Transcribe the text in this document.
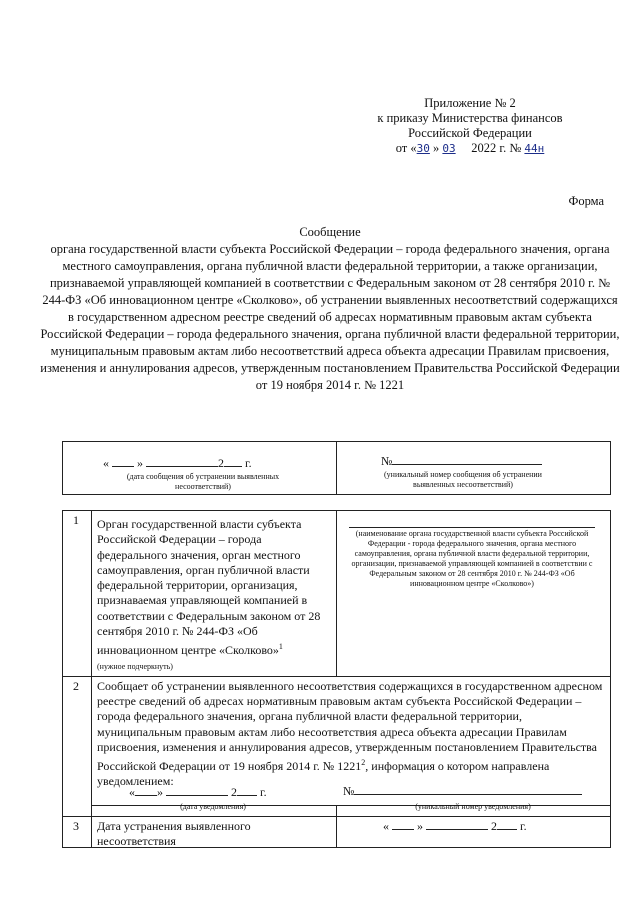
Приложение № 2
к приказу Министерства финансов
Российской Федерации
от «30 » 03 2022 г. № 44н
Форма
Сообщение
органа государственной власти субъекта Российской Федерации – города федерального значения, органа местного самоуправления, органа публичной власти федеральной территории, а также организации, признаваемой управляющей компанией в соответствии с Федеральным законом от 28 сентября 2010 г. № 244-ФЗ «Об инновационном центре «Сколково», об устранении выявленных несоответствий содержащихся в государственном адресном реестре сведений об адресах нормативным правовым актам субъекта Российской Федерации – города федерального значения, органа публичной власти федеральной территории, муниципальным правовым актам либо несоответствий адреса объекта адресации Правилам присвоения, изменения и аннулирования адресов, утвержденным постановлением Правительства Российской Федерации от 19 ноября 2014 г. № 1221
« »	2 г.
(дата сообщения об устранении выявленных несоответствий)
№
(уникальный номер сообщения об устранении выявленных несоответствий)
1 Орган государственной власти субъекта Российской Федерации – города федерального значения, орган местного самоуправления, орган публичной власти федеральной территории, организация, признаваемая управляющей компанией в соответствии с Федеральным законом от 28 сентября 2010 г. № 244-ФЗ «Об инновационном центре «Сколково»$^1$
(нужное подчеркнуть)
(наименование органа государственной власти субъекта Российской Федерации - города федерального значения, органа местного самоуправления, органа публичной власти федеральной территории, организации, признаваемой управляющей компанией в соответствии с Федеральным законом от 28 сентября 2010 г. № 244-ФЗ «Об инновационном центре «Сколково»)
2 Сообщает об устранении выявленного несоответствия содержащихся в государственном адресном реестре сведений об адресах нормативным правовым актам субъекта Российской Федерации – города федерального значения, органа публичной власти федеральной территории, муниципальным правовым актам либо несоответствия адреса объекта адресации Правилам присвоения, изменения и аннулирования адресов, утвержденным постановлением Правительства Российской Федерации от 19 ноября 2014 г. № 1221$^2$, информация о котором направлена уведомлением:
« »	2 г.
(дата уведомления)
№
(уникальный номер уведомления)
3 Дата устранения выявленного несоответствия
« »	2 г.
